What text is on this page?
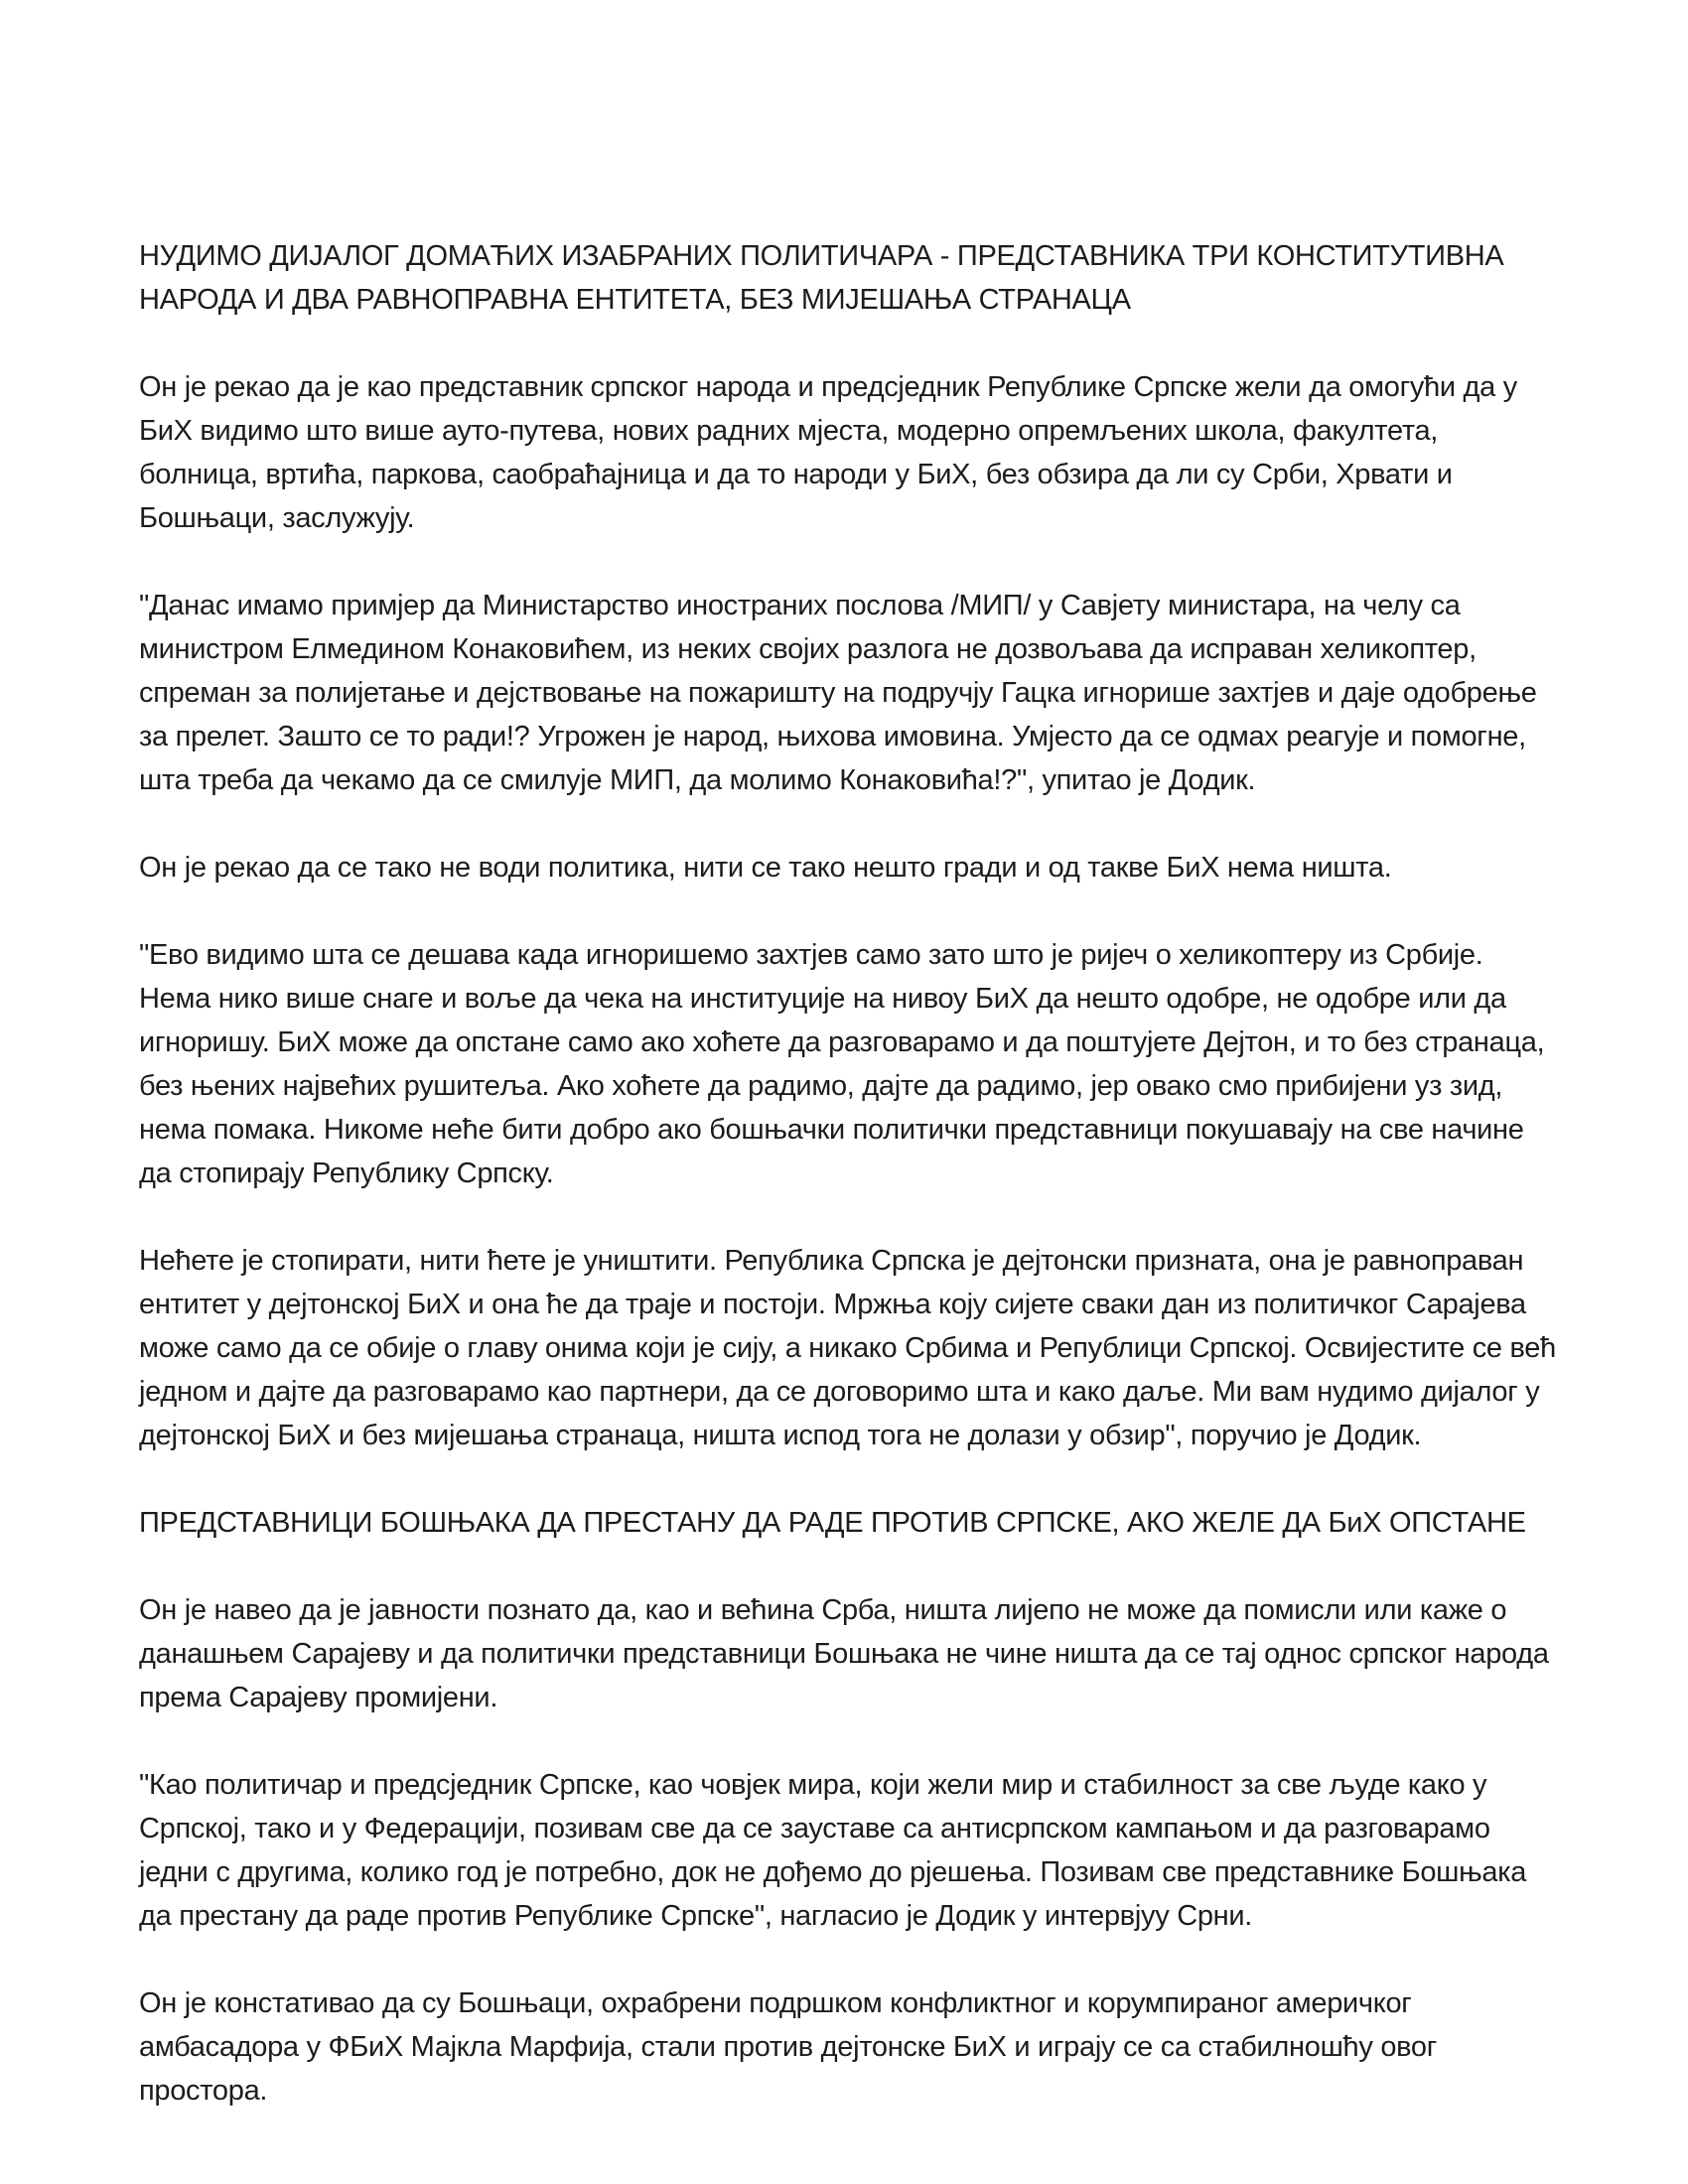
НУДИМО ДИЈАЛОГ ДОМАЋИХ ИЗАБРАНИХ ПОЛИТИЧАРА - ПРЕДСТАВНИКА ТРИ КОНСТИТУТИВНА НАРОДА И ДВА РАВНОПРАВНА ЕНТИТЕТА, БЕЗ МИЈЕШАЊА СТРАНАЦА

Он је рекао да је као представник српског народа и предсједник Републике Српске жели да омогући да у БиХ видимо што више ауто-путева, нових радних мјеста, модерно опремљених школа, факултета, болница, вртића, паркова, саобраћајница и да то народи у БиХ, без обзира да ли су Срби, Хрвати и Бошњаци, заслужују.

"Данас имамо примјер да Министарство иностраних послова /МИП/ у Савјету министара, на челу са министром Елмедином Конаковићем, из неких својих разлога не дозвољава да исправан хеликоптер, спреман за полијетање и дејствовање на пожаришту на подручју Гацка игнорише захтјев и даје одобрење за прелет. Зашто се то ради!? Угрожен је народ, њихова имовина. Умјесто да се одмах реагује и помогне, шта треба да чекамо да се смилује МИП, да молимо Конаковића!?", упитао је Додик.

Он је рекао да се тако не води политика, нити се тако нешто гради и од такве БиХ нема ништа.

"Ево видимо шта се дешава када игноришемо захтјев само зато што је ријеч о хеликоптеру из Србије. Нема нико више снаге и воље да чека на институције на нивоу БиХ да нешто одобре, не одобре или да игноришу. БиХ може да опстане само ако хоћете да разговарамо и да поштујете Дејтон, и то без странаца, без њених највећих рушитеља. Ако хоћете да радимо, дајте да радимо, јер овако смо прибијени уз зид, нема помака. Никоме неће бити добро ако бошњачки политички представници покушавају на све начине да стопирају Републику Српску.

Нећете је стопирати, нити ћете је уништити. Република Српска је дејтонски призната, она је равноправан ентитет у дејтонској БиХ и она ће да траје и постоји. Мржња коју сијете сваки дан из политичког Сарајева може само да се обије о главу онима који је сију, а никако Србима и Републици Српској. Освијестите се већ једном и дајте да разговарамо као партнери, да се договоримо шта и како даље. Ми вам нудимо дијалог у дејтонској БиХ и без мијешања странаца, ништа испод тога не долази у обзир", поручио је Додик.

ПРЕДСТАВНИЦИ БОШЊАКА ДА ПРЕСТАНУ ДА РАДЕ ПРОТИВ СРПСКЕ, АКО ЖЕЛЕ ДА БиХ ОПСТАНЕ

Он је навео да је јавности познато да, као и већина Срба, ништа лијепо не може да помисли или каже о данашњем Сарајеву и да политички представници Бошњака не чине ништа да се тај однос српског народа према Сарајеву промијени.

"Као политичар и предсједник Српске, као човјек мира, који жели мир и стабилност за све људе како у Српској, тако и у Федерацији, позивам све да се зауставе са антисрпском кампањом и да разговарамо једни с другима, колико год је потребно, док не дођемо до рјешења. Позивам све представнике Бошњака да престану да раде против Републике Српске", нагласио је Додик у интервјуу Срни.

Он је констативао да су Бошњаци, охрабрени подршком конфликтног и корумпираног америчког амбасадора у ФБиХ Мајкла Марфија, стали против дејтонске БиХ и играју се са стабилношћу овог простора.
